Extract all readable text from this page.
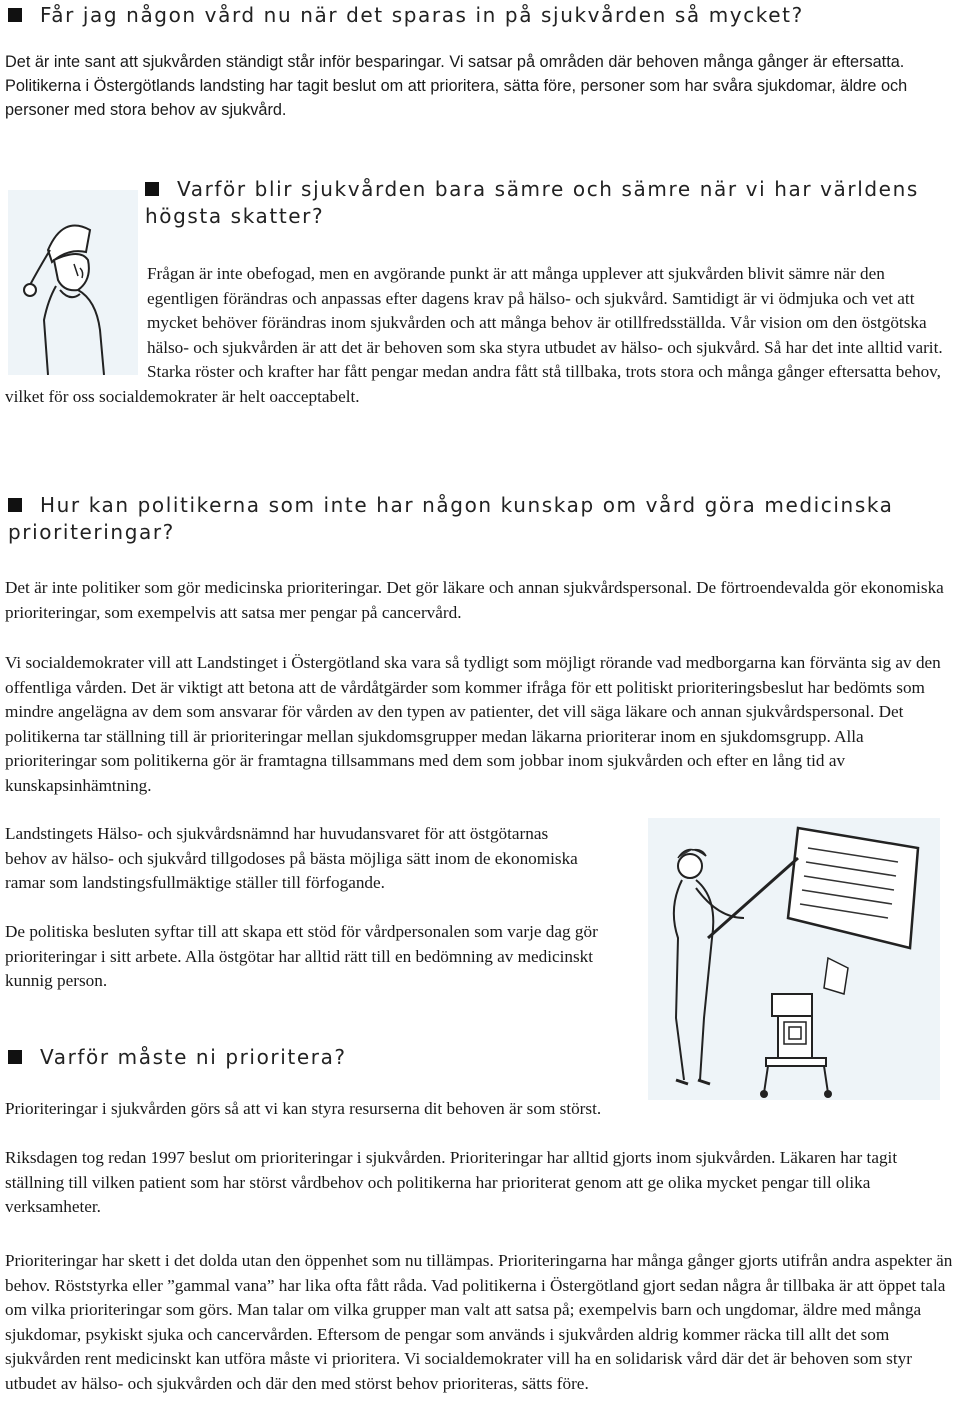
Får jag någon vård nu när det sparas in på sjukvården så mycket?

Det är inte sant att sjukvården ständigt står inför besparingar. Vi satsar på områden där behoven många gånger är eftersatta. Politikerna i Östergötlands landsting har tagit beslut om att prioritera, sätta före, personer som har svåra sjukdomar, äldre och personer med stora behov av sjukvård.

Varför blir sjukvården bara sämre och sämre när vi har världens högsta skatter?

Frågan är inte obefogad, men en avgörande punkt är att många upplever att sjukvården blivit sämre när den egentligen förändras och anpassas efter dagens krav på hälso- och sjukvård. Samtidigt är vi ödmjuka och vet att mycket behöver förändras inom sjukvården och att många behov är otillfredsställda. Vår vision om den östgötska hälso- och sjukvården är att det är behoven som ska styra utbudet av hälso- och sjukvård. Så har det inte alltid varit. Starka röster och krafter har fått pengar medan andra fått stå tillbaka, trots stora och många gånger eftersatta behov, vilket för oss socialdemokrater är helt oacceptabelt.

Hur kan politikerna som inte har någon kunskap om vård göra medicinska prioriteringar?

Det är inte politiker som gör medicinska prioriteringar. Det gör läkare och annan sjukvårdspersonal. De förtroendevalda gör ekonomiska prioriteringar, som exempelvis att satsa mer pengar på cancervård.

Vi socialdemokrater vill att Landstinget i Östergötland ska vara så tydligt som möjligt rörande vad medborgarna kan förvänta sig av den offentliga vården. Det är viktigt att betona att de vårdåtgärder som kommer ifråga för ett politiskt prioriteringsbeslut har bedömts som mindre angelägna av dem som ansvarar för vården av den typen av patienter, det vill säga läkare och annan sjukvårdspersonal. Det politikerna tar ställning till är prioriteringar mellan sjukdomsgrupper medan läkarna prioriterar inom en sjukdomsgrupp. Alla prioriteringar som politikerna gör är framtagna tillsammans med dem som jobbar inom sjukvården och efter en lång tid av kunskapsinhämtning.

Landstingets Hälso- och sjukvårdsnämnd har huvudansvaret för att östgötarnas behov av hälso- och sjukvård tillgodoses på bästa möjliga sätt inom de ekonomiska ramar som landstingsfullmäktige ställer till förfogande.

De politiska besluten syftar till att skapa ett stöd för vårdpersonalen som varje dag gör prioriteringar i sitt arbete. Alla östgötar har alltid rätt till en bedömning av medicinskt kunnig person.

Varför måste ni prioritera?

Prioriteringar i sjukvården görs så att vi kan styra resurserna dit behoven är som störst.

Riksdagen tog redan 1997 beslut om prioriteringar i sjukvården. Prioriteringar har alltid gjorts inom sjukvården. Läkaren har tagit ställning till vilken patient som har störst vårdbehov och politikerna har prioriterat genom att ge olika mycket pengar till olika verksamheter.

Prioriteringar har skett i det dolda utan den öppenhet som nu tillämpas. Prioriteringarna har många gånger gjorts utifrån andra aspekter än behov. Röststyrka eller ”gammal vana” har lika ofta fått råda. Vad politikerna i Östergötland gjort sedan några år tillbaka är att öppet tala om vilka prioriteringar som görs. Man talar om vilka grupper man valt att satsa på; exempelvis barn och ungdomar, äldre med många sjukdomar, psykiskt sjuka och cancervården. Eftersom de pengar som används i sjukvården aldrig kommer räcka till allt det som sjukvården rent medicinskt kan utföra måste vi prioritera. Vi socialdemokrater vill ha en solidarisk vård där det är behoven som styr utbudet av hälso- och sjukvården och där den med störst behov prioriteras, sätts före.
